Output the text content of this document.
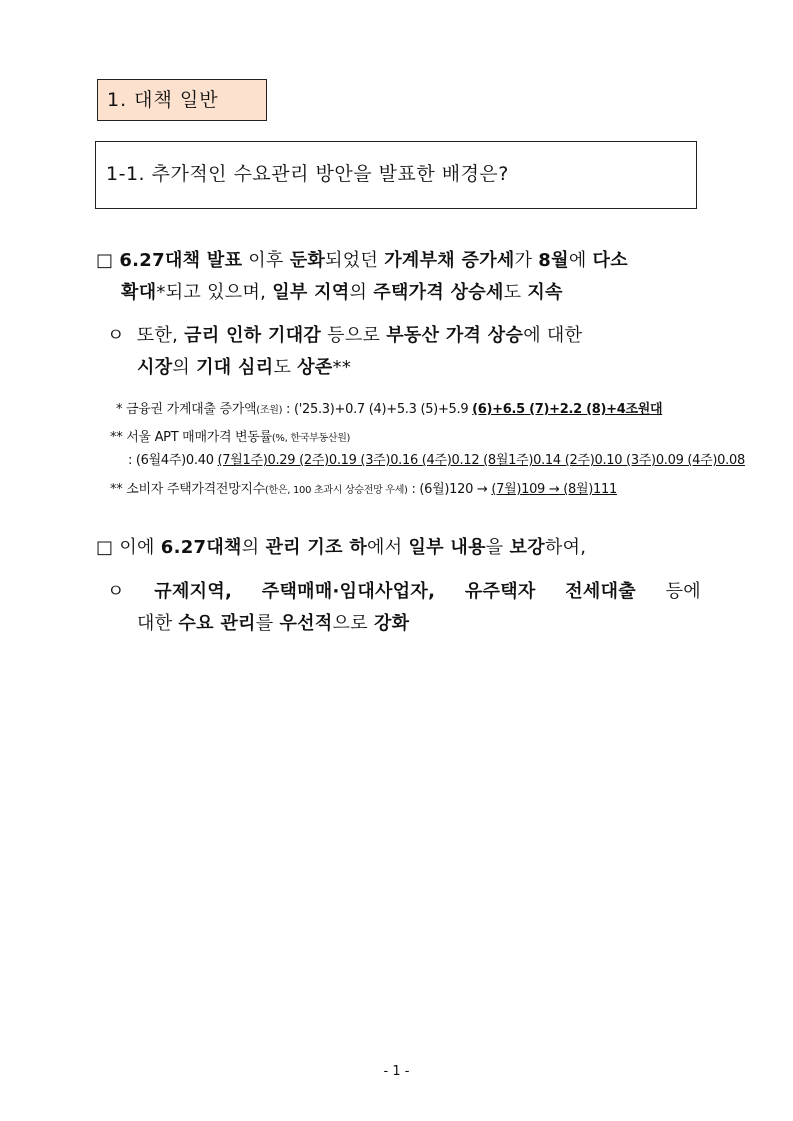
1. 대책 일반
1-1. 추가적인 수요관리 방안을 발표한 배경은?
□ 6.27대책 발표 이후 둔화되었던 가계부채 증가세가 8월에 다소
확대*되고 있으며, 일부 지역의 주택가격 상승세도 지속
ㅇ 또한, 금리 인하 기대감 등으로 부동산 가격 상승에 대한
시장의 기대 심리도 상존**
* 금융권 가계대출 증가액(조원) : ('25.3)+0.7 (4)+5.3 (5)+5.9 (6)+6.5 (7)+2.2 (8)+4조원대
** 서울 APT 매매가격 변동률(%, 한국부동산원)
: (6월4주)0.40 (7월1주)0.29 (2주)0.19 (3주)0.16 (4주)0.12 (8월1주)0.14 (2주)0.10 (3주)0.09 (4주)0.08
** 소비자 주택가격전망지수(한은, 100 초과시 상승전망 우세) : (6월)120 → (7월)109 → (8월)111
□ 이에 6.27대책의 관리 기조 하에서 일부 내용을 보강하여,
ㅇ 규제지역, 주택매매·임대사업자, 유주택자 전세대출 등에
대한 수요 관리를 우선적으로 강화
- 1 -
